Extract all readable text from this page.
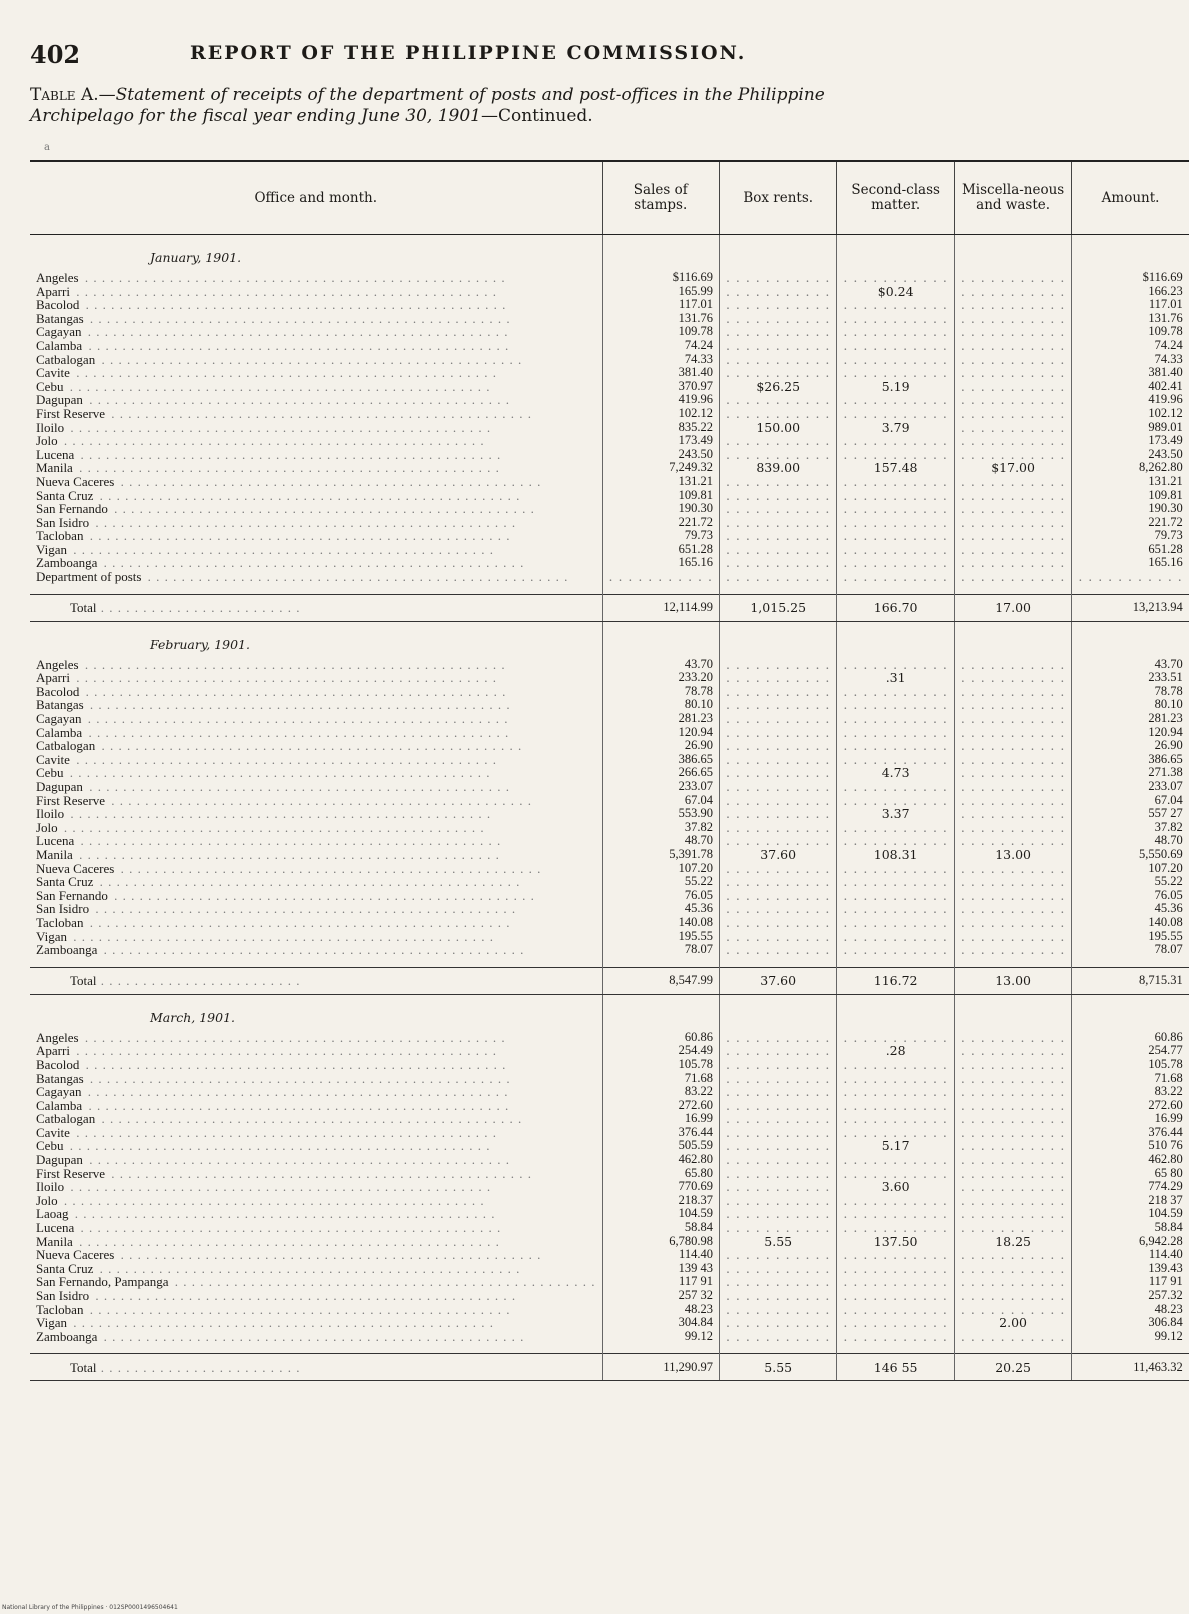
402	REPORT OF THE PHILIPPINE COMMISSION.
Table A.—Statement of receipts of the department of posts and post-offices in the Philippine Archipelago for the fiscal year ending June 30, 1901—Continued.
a
Office and month.	Sales of stamps.	Box rents.	Second-class matter.	Miscella-neous and waste.	Amount.
January, 1901.					

Angeles . . . . . . . . . . . . . . . . . . . . . . . . . . . . . . . . . . . . . . . . . . . . . . . . . .	$116.69	. . . . . . . . . . .	. . . . . . . . . . .	. . . . . . . . . . .	$116.69

Aparri . . . . . . . . . . . . . . . . . . . . . . . . . . . . . . . . . . . . . . . . . . . . . . . . . .	165.99	. . . . . . . . . . .	$0.24	. . . . . . . . . . .	166.23

Bacolod . . . . . . . . . . . . . . . . . . . . . . . . . . . . . . . . . . . . . . . . . . . . . . . . . .	117.01	. . . . . . . . . . .	. . . . . . . . . . .	. . . . . . . . . . .	117.01

Batangas . . . . . . . . . . . . . . . . . . . . . . . . . . . . . . . . . . . . . . . . . . . . . . . . . .	131.76	. . . . . . . . . . .	. . . . . . . . . . .	. . . . . . . . . . .	131.76

Cagayan . . . . . . . . . . . . . . . . . . . . . . . . . . . . . . . . . . . . . . . . . . . . . . . . . .	109.78	. . . . . . . . . . .	. . . . . . . . . . .	. . . . . . . . . . .	109.78

Calamba . . . . . . . . . . . . . . . . . . . . . . . . . . . . . . . . . . . . . . . . . . . . . . . . . .	74.24	. . . . . . . . . . .	. . . . . . . . . . .	. . . . . . . . . . .	74.24

Catbalogan . . . . . . . . . . . . . . . . . . . . . . . . . . . . . . . . . . . . . . . . . . . . . . . . . .	74.33	. . . . . . . . . . .	. . . . . . . . . . .	. . . . . . . . . . .	74.33

Cavite . . . . . . . . . . . . . . . . . . . . . . . . . . . . . . . . . . . . . . . . . . . . . . . . . .	381.40	. . . . . . . . . . .	. . . . . . . . . . .	. . . . . . . . . . .	381.40

Cebu . . . . . . . . . . . . . . . . . . . . . . . . . . . . . . . . . . . . . . . . . . . . . . . . . .	370.97	$26.25	5.19	. . . . . . . . . . .	402.41

Dagupan . . . . . . . . . . . . . . . . . . . . . . . . . . . . . . . . . . . . . . . . . . . . . . . . . .	419.96	. . . . . . . . . . .	. . . . . . . . . . .	. . . . . . . . . . .	419.96

First Reserve . . . . . . . . . . . . . . . . . . . . . . . . . . . . . . . . . . . . . . . . . . . . . . . . . .	102.12	. . . . . . . . . . .	. . . . . . . . . . .	. . . . . . . . . . .	102.12

Iloilo . . . . . . . . . . . . . . . . . . . . . . . . . . . . . . . . . . . . . . . . . . . . . . . . . .	835.22	150.00	3.79	. . . . . . . . . . .	989.01

Jolo . . . . . . . . . . . . . . . . . . . . . . . . . . . . . . . . . . . . . . . . . . . . . . . . . .	173.49	. . . . . . . . . . .	. . . . . . . . . . .	. . . . . . . . . . .	173.49

Lucena . . . . . . . . . . . . . . . . . . . . . . . . . . . . . . . . . . . . . . . . . . . . . . . . . .	243.50	. . . . . . . . . . .	. . . . . . . . . . .	. . . . . . . . . . .	243.50

Manila . . . . . . . . . . . . . . . . . . . . . . . . . . . . . . . . . . . . . . . . . . . . . . . . . .	7,249.32	839.00	157.48	$17.00	8,262.80

Nueva Caceres . . . . . . . . . . . . . . . . . . . . . . . . . . . . . . . . . . . . . . . . . . . . . . . . . .	131.21	. . . . . . . . . . .	. . . . . . . . . . .	. . . . . . . . . . .	131.21

Santa Cruz . . . . . . . . . . . . . . . . . . . . . . . . . . . . . . . . . . . . . . . . . . . . . . . . . .	109.81	. . . . . . . . . . .	. . . . . . . . . . .	. . . . . . . . . . .	109.81

San Fernando . . . . . . . . . . . . . . . . . . . . . . . . . . . . . . . . . . . . . . . . . . . . . . . . . .	190.30	. . . . . . . . . . .	. . . . . . . . . . .	. . . . . . . . . . .	190.30

San Isidro . . . . . . . . . . . . . . . . . . . . . . . . . . . . . . . . . . . . . . . . . . . . . . . . . .	221.72	. . . . . . . . . . .	. . . . . . . . . . .	. . . . . . . . . . .	221.72

Tacloban . . . . . . . . . . . . . . . . . . . . . . . . . . . . . . . . . . . . . . . . . . . . . . . . . .	79.73	. . . . . . . . . . .	. . . . . . . . . . .	. . . . . . . . . . .	79.73

Vigan . . . . . . . . . . . . . . . . . . . . . . . . . . . . . . . . . . . . . . . . . . . . . . . . . .	651.28	. . . . . . . . . . .	. . . . . . . . . . .	. . . . . . . . . . .	651.28

Zamboanga . . . . . . . . . . . . . . . . . . . . . . . . . . . . . . . . . . . . . . . . . . . . . . . . . .	165.16	. . . . . . . . . . .	. . . . . . . . . . .	. . . . . . . . . . .	165.16

Department of posts . . . . . . . . . . . . . . . . . . . . . . . . . . . . . . . . . . . . . . . . . . . . . . . . . .	. . . . . . . . . . .	. . . . . . . . . . .	. . . . . . . . . . .	. . . . . . . . . . .	. . . . . . . . . . .

Total . . . . . . . . . . . . . . . . . . . . . . . .	12,114.99	1,015.25	166.70	17.00	13,213.94
February, 1901.					

Angeles . . . . . . . . . . . . . . . . . . . . . . . . . . . . . . . . . . . . . . . . . . . . . . . . . .	43.70	. . . . . . . . . . .	. . . . . . . . . . .	. . . . . . . . . . .	43.70

Aparri . . . . . . . . . . . . . . . . . . . . . . . . . . . . . . . . . . . . . . . . . . . . . . . . . .	233.20	. . . . . . . . . . .	.31	. . . . . . . . . . .	233.51

Bacolod . . . . . . . . . . . . . . . . . . . . . . . . . . . . . . . . . . . . . . . . . . . . . . . . . .	78.78	. . . . . . . . . . .	. . . . . . . . . . .	. . . . . . . . . . .	78.78

Batangas . . . . . . . . . . . . . . . . . . . . . . . . . . . . . . . . . . . . . . . . . . . . . . . . . .	80.10	. . . . . . . . . . .	. . . . . . . . . . .	. . . . . . . . . . .	80.10

Cagayan . . . . . . . . . . . . . . . . . . . . . . . . . . . . . . . . . . . . . . . . . . . . . . . . . .	281.23	. . . . . . . . . . .	. . . . . . . . . . .	. . . . . . . . . . .	281.23

Calamba . . . . . . . . . . . . . . . . . . . . . . . . . . . . . . . . . . . . . . . . . . . . . . . . . .	120.94	. . . . . . . . . . .	. . . . . . . . . . .	. . . . . . . . . . .	120.94

Catbalogan . . . . . . . . . . . . . . . . . . . . . . . . . . . . . . . . . . . . . . . . . . . . . . . . . .	26.90	. . . . . . . . . . .	. . . . . . . . . . .	. . . . . . . . . . .	26.90

Cavite . . . . . . . . . . . . . . . . . . . . . . . . . . . . . . . . . . . . . . . . . . . . . . . . . .	386.65	. . . . . . . . . . .	. . . . . . . . . . .	. . . . . . . . . . .	386.65

Cebu . . . . . . . . . . . . . . . . . . . . . . . . . . . . . . . . . . . . . . . . . . . . . . . . . .	266.65	. . . . . . . . . . .	4.73	. . . . . . . . . . .	271.38

Dagupan . . . . . . . . . . . . . . . . . . . . . . . . . . . . . . . . . . . . . . . . . . . . . . . . . .	233.07	. . . . . . . . . . .	. . . . . . . . . . .	. . . . . . . . . . .	233.07

First Reserve . . . . . . . . . . . . . . . . . . . . . . . . . . . . . . . . . . . . . . . . . . . . . . . . . .	67.04	. . . . . . . . . . .	. . . . . . . . . . .	. . . . . . . . . . .	67.04

Iloilo . . . . . . . . . . . . . . . . . . . . . . . . . . . . . . . . . . . . . . . . . . . . . . . . . .	553.90	. . . . . . . . . . .	3.37	. . . . . . . . . . .	557 27

Jolo . . . . . . . . . . . . . . . . . . . . . . . . . . . . . . . . . . . . . . . . . . . . . . . . . .	37.82	. . . . . . . . . . .	. . . . . . . . . . .	. . . . . . . . . . .	37.82

Lucena . . . . . . . . . . . . . . . . . . . . . . . . . . . . . . . . . . . . . . . . . . . . . . . . . .	48.70	. . . . . . . . . . .	. . . . . . . . . . .	. . . . . . . . . . .	48.70

Manila . . . . . . . . . . . . . . . . . . . . . . . . . . . . . . . . . . . . . . . . . . . . . . . . . .	5,391.78	37.60	108.31	13.00	5,550.69

Nueva Caceres . . . . . . . . . . . . . . . . . . . . . . . . . . . . . . . . . . . . . . . . . . . . . . . . . .	107.20	. . . . . . . . . . .	. . . . . . . . . . .	. . . . . . . . . . .	107.20

Santa Cruz . . . . . . . . . . . . . . . . . . . . . . . . . . . . . . . . . . . . . . . . . . . . . . . . . .	55.22	. . . . . . . . . . .	. . . . . . . . . . .	. . . . . . . . . . .	55.22

San Fernando . . . . . . . . . . . . . . . . . . . . . . . . . . . . . . . . . . . . . . . . . . . . . . . . . .	76.05	. . . . . . . . . . .	. . . . . . . . . . .	. . . . . . . . . . .	76.05

San Isidro . . . . . . . . . . . . . . . . . . . . . . . . . . . . . . . . . . . . . . . . . . . . . . . . . .	45.36	. . . . . . . . . . .	. . . . . . . . . . .	. . . . . . . . . . .	45.36

Tacloban . . . . . . . . . . . . . . . . . . . . . . . . . . . . . . . . . . . . . . . . . . . . . . . . . .	140.08	. . . . . . . . . . .	. . . . . . . . . . .	. . . . . . . . . . .	140.08

Vigan . . . . . . . . . . . . . . . . . . . . . . . . . . . . . . . . . . . . . . . . . . . . . . . . . .	195.55	. . . . . . . . . . .	. . . . . . . . . . .	. . . . . . . . . . .	195.55

Zamboanga . . . . . . . . . . . . . . . . . . . . . . . . . . . . . . . . . . . . . . . . . . . . . . . . . .	78.07	. . . . . . . . . . .	. . . . . . . . . . .	. . . . . . . . . . .	78.07

Total . . . . . . . . . . . . . . . . . . . . . . . .	8,547.99	37.60	116.72	13.00	8,715.31
March, 1901.					

Angeles . . . . . . . . . . . . . . . . . . . . . . . . . . . . . . . . . . . . . . . . . . . . . . . . . .	60.86	. . . . . . . . . . .	. . . . . . . . . . .	. . . . . . . . . . .	60.86

Aparri . . . . . . . . . . . . . . . . . . . . . . . . . . . . . . . . . . . . . . . . . . . . . . . . . .	254.49	. . . . . . . . . . .	.28	. . . . . . . . . . .	254.77

Bacolod . . . . . . . . . . . . . . . . . . . . . . . . . . . . . . . . . . . . . . . . . . . . . . . . . .	105.78	. . . . . . . . . . .	. . . . . . . . . . .	. . . . . . . . . . .	105.78

Batangas . . . . . . . . . . . . . . . . . . . . . . . . . . . . . . . . . . . . . . . . . . . . . . . . . .	71.68	. . . . . . . . . . .	. . . . . . . . . . .	. . . . . . . . . . .	71.68

Cagayan . . . . . . . . . . . . . . . . . . . . . . . . . . . . . . . . . . . . . . . . . . . . . . . . . .	83.22	. . . . . . . . . . .	. . . . . . . . . . .	. . . . . . . . . . .	83.22

Calamba . . . . . . . . . . . . . . . . . . . . . . . . . . . . . . . . . . . . . . . . . . . . . . . . . .	272.60	. . . . . . . . . . .	. . . . . . . . . . .	. . . . . . . . . . .	272.60

Catbalogan . . . . . . . . . . . . . . . . . . . . . . . . . . . . . . . . . . . . . . . . . . . . . . . . . .	16.99	. . . . . . . . . . .	. . . . . . . . . . .	. . . . . . . . . . .	16.99

Cavite . . . . . . . . . . . . . . . . . . . . . . . . . . . . . . . . . . . . . . . . . . . . . . . . . .	376.44	. . . . . . . . . . .	. . . . . . . . . . .	. . . . . . . . . . .	376.44

Cebu . . . . . . . . . . . . . . . . . . . . . . . . . . . . . . . . . . . . . . . . . . . . . . . . . .	505.59	. . . . . . . . . . .	5.17	. . . . . . . . . . .	510 76

Dagupan . . . . . . . . . . . . . . . . . . . . . . . . . . . . . . . . . . . . . . . . . . . . . . . . . .	462.80	. . . . . . . . . . .	. . . . . . . . . . .	. . . . . . . . . . .	462.80

First Reserve . . . . . . . . . . . . . . . . . . . . . . . . . . . . . . . . . . . . . . . . . . . . . . . . . .	65.80	. . . . . . . . . . .	. . . . . . . . . . .	. . . . . . . . . . .	65 80

Iloilo . . . . . . . . . . . . . . . . . . . . . . . . . . . . . . . . . . . . . . . . . . . . . . . . . .	770.69	. . . . . . . . . . .	3.60	. . . . . . . . . . .	774.29

Jolo . . . . . . . . . . . . . . . . . . . . . . . . . . . . . . . . . . . . . . . . . . . . . . . . . .	218.37	. . . . . . . . . . .	. . . . . . . . . . .	. . . . . . . . . . .	218 37

Laoag . . . . . . . . . . . . . . . . . . . . . . . . . . . . . . . . . . . . . . . . . . . . . . . . . .	104.59	. . . . . . . . . . .	. . . . . . . . . . .	. . . . . . . . . . .	104.59

Lucena . . . . . . . . . . . . . . . . . . . . . . . . . . . . . . . . . . . . . . . . . . . . . . . . . .	58.84	. . . . . . . . . . .	. . . . . . . . . . .	. . . . . . . . . . .	58.84

Manila . . . . . . . . . . . . . . . . . . . . . . . . . . . . . . . . . . . . . . . . . . . . . . . . . .	6,780.98	5.55	137.50	18.25	6,942.28

Nueva Caceres . . . . . . . . . . . . . . . . . . . . . . . . . . . . . . . . . . . . . . . . . . . . . . . . . .	114.40	. . . . . . . . . . .	. . . . . . . . . . .	. . . . . . . . . . .	114.40

Santa Cruz . . . . . . . . . . . . . . . . . . . . . . . . . . . . . . . . . . . . . . . . . . . . . . . . . .	139 43	. . . . . . . . . . .	. . . . . . . . . . .	. . . . . . . . . . .	139.43

San Fernando, Pampanga . . . . . . . . . . . . . . . . . . . . . . . . . . . . . . . . . . . . . . . . . . . . . . . . . .	117 91	. . . . . . . . . . .	. . . . . . . . . . .	. . . . . . . . . . .	117 91

San Isidro . . . . . . . . . . . . . . . . . . . . . . . . . . . . . . . . . . . . . . . . . . . . . . . . . .	257 32	. . . . . . . . . . .	. . . . . . . . . . .	. . . . . . . . . . .	257.32

Tacloban . . . . . . . . . . . . . . . . . . . . . . . . . . . . . . . . . . . . . . . . . . . . . . . . . .	48.23	. . . . . . . . . . .	. . . . . . . . . . .	. . . . . . . . . . .	48.23

Vigan . . . . . . . . . . . . . . . . . . . . . . . . . . . . . . . . . . . . . . . . . . . . . . . . . .	304.84	. . . . . . . . . . .	. . . . . . . . . . .	2.00	306.84

Zamboanga . . . . . . . . . . . . . . . . . . . . . . . . . . . . . . . . . . . . . . . . . . . . . . . . . .	99.12	. . . . . . . . . . .	. . . . . . . . . . .	. . . . . . . . . . .	99.12

Total . . . . . . . . . . . . . . . . . . . . . . . .	11,290.97	5.55	146 55	20.25	11,463.32
National Library of the Philippines · 012SP0001496504641
